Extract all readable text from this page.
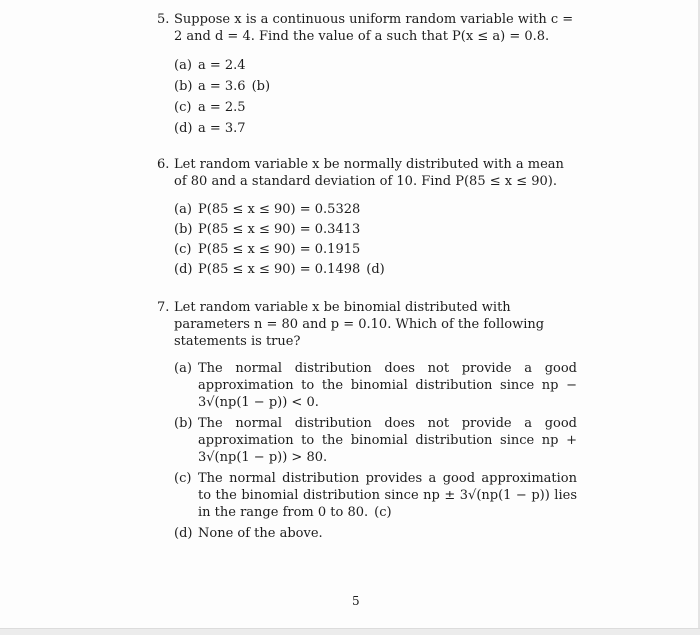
5. Suppose x is a continuous uniform random variable with c = 2 and d = 4. Find the value of a such that P(x ≤ a) = 0.8.

(a) a = 2.4
(b) a = 3.6 (b)
(c) a = 2.5
(d) a = 3.7

6. Let random variable x be normally distributed with a mean of 80 and a standard deviation of 10. Find P(85 ≤ x ≤ 90).

(a) P(85 ≤ x ≤ 90) = 0.5328
(b) P(85 ≤ x ≤ 90) = 0.3413
(c) P(85 ≤ x ≤ 90) = 0.1915
(d) P(85 ≤ x ≤ 90) = 0.1498 (d)

7. Let random variable x be binomial distributed with parameters n = 80 and p = 0.10. Which of the following statements is true?

(a) The normal distribution does not provide a good approximation to the binomial distribution since np − 3√(np(1 − p)) < 0.
(b) The normal distribution does not provide a good approximation to the binomial distribution since np + 3√(np(1 − p)) > 80.
(c) The normal distribution provides a good approximation to the binomial distribution since np ± 3√(np(1 − p)) lies in the range from 0 to 80. (c)
(d) None of the above.
5
